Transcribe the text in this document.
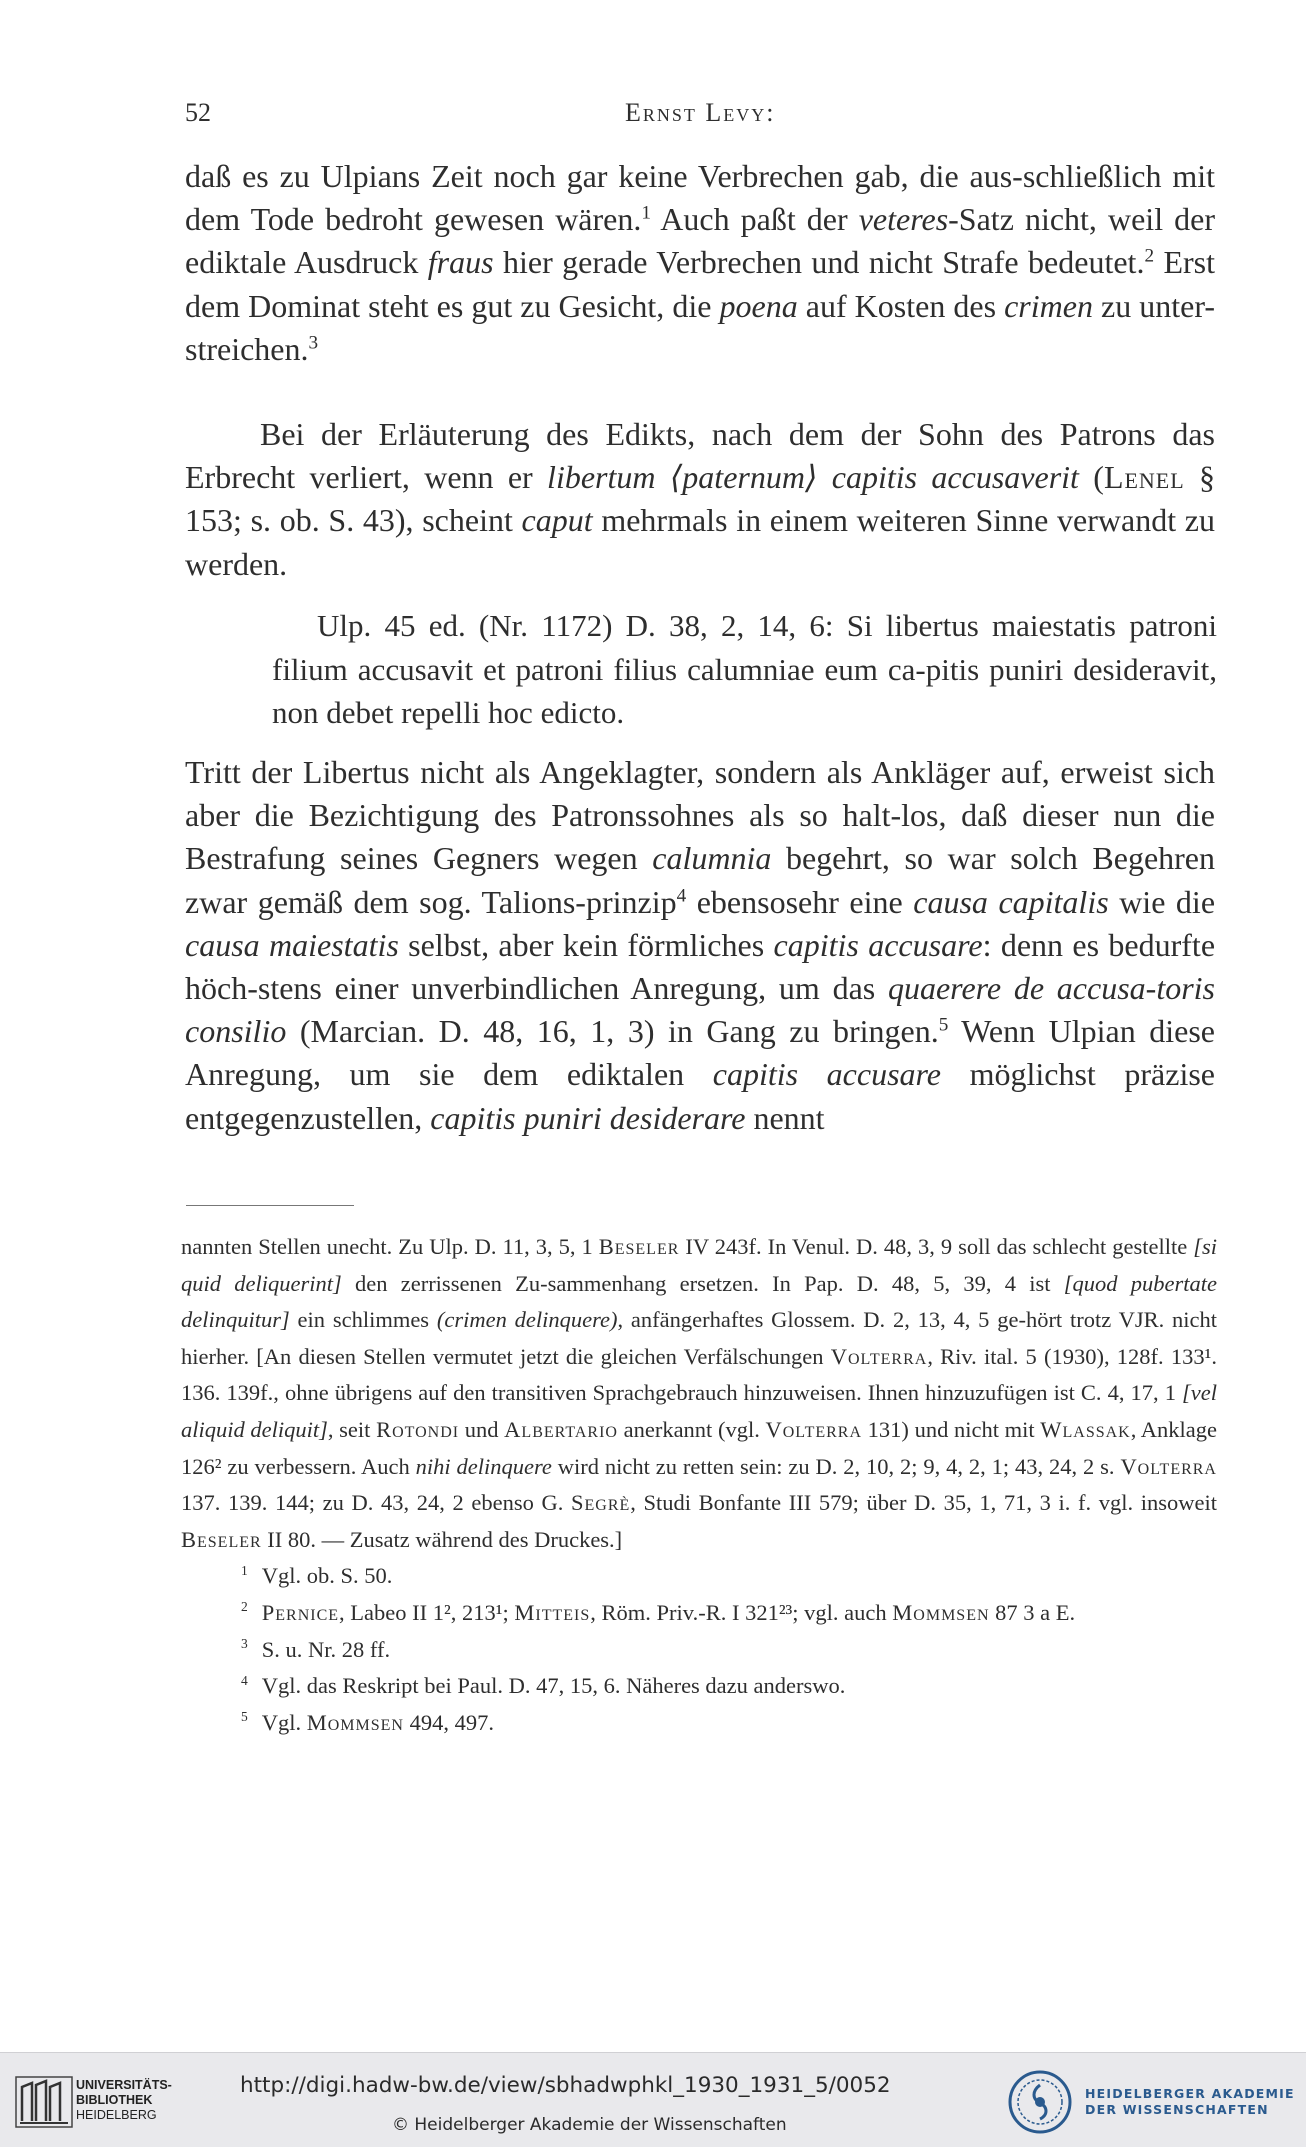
52	Ernst Levy:

daß es zu Ulpians Zeit noch gar keine Verbrechen gab, die aus-schließlich mit dem Tode bedroht gewesen wären.$^1$ Auch paßt der veteres-Satz nicht, weil der ediktale Ausdruck fraus hier gerade Verbrechen und nicht Strafe bedeutet.$^2$ Erst dem Dominat steht es gut zu Gesicht, die poena auf Kosten des crimen zu unter-streichen.$^3$

Bei der Erläuterung des Edikts, nach dem der Sohn des Patrons das Erbrecht verliert, wenn er libertum ⟨paternum⟩ capitis accusaverit (Lenel § 153; s. ob. S. 43), scheint caput mehrmals in einem weiteren Sinne verwandt zu werden.

Ulp. 45 ed. (Nr. 1172) D. 38, 2, 14, 6: Si libertus maiestatis patroni filium accusavit et patroni filius calumniae eum ca-pitis puniri desideravit, non debet repelli hoc edicto.

Tritt der Libertus nicht als Angeklagter, sondern als Ankläger auf, erweist sich aber die Bezichtigung des Patronssohnes als so halt-los, daß dieser nun die Bestrafung seines Gegners wegen calumnia begehrt, so war solch Begehren zwar gemäß dem sog. Talions-prinzip$^4$ ebensosehr eine causa capitalis wie die causa maiestatis selbst, aber kein förmliches capitis accusare: denn es bedurfte höch-stens einer unverbindlichen Anregung, um das quaerere de accusa-toris consilio (Marcian. D. 48, 16, 1, 3) in Gang zu bringen.$^5$ Wenn Ulpian diese Anregung, um sie dem ediktalen capitis accusare möglichst präzise entgegenzustellen, capitis puniri desiderare nennt

nannten Stellen unecht. Zu Ulp. D. 11, 3, 5, 1 Beseler IV 243f. In Venul. D. 48, 3, 9 soll das schlecht gestellte [si quid deliquerint] den zerrissenen Zu-sammenhang ersetzen. In Pap. D. 48, 5, 39, 4 ist [quod pubertate delinquitur] ein schlimmes (crimen delinquere), anfängerhaftes Glossem. D. 2, 13, 4, 5 ge-hört trotz VJR. nicht hierher. [An diesen Stellen vermutet jetzt die gleichen Verfälschungen Volterra, Riv. ital. 5 (1930), 128f. 133¹. 136. 139f., ohne übrigens auf den transitiven Sprachgebrauch hinzuweisen. Ihnen hinzuzufügen ist C. 4, 17, 1 [vel aliquid deliquit], seit Rotondi und Albertario anerkannt (vgl. Volterra 131) und nicht mit Wlassak, Anklage 126² zu verbessern. Auch nihi delinquere wird nicht zu retten sein: zu D. 2, 10, 2; 9, 4, 2, 1; 43, 24, 2 s. Volterra 137. 139. 144; zu D. 43, 24, 2 ebenso G. Segrè, Studi Bonfante III 579; über D. 35, 1, 71, 3 i. f. vgl. insoweit Beseler II 80. — Zusatz während des Druckes.]

$^1$ Vgl. ob. S. 50.

$^2$ Pernice, Labeo II 1², 213¹; Mitteis, Röm. Priv.-R. I 321²³; vgl. auch Mommsen 87 3 a E.

$^3$ S. u. Nr. 28 ff.

$^4$ Vgl. das Reskript bei Paul. D. 47, 15, 6. Näheres dazu anderswo.

$^5$ Vgl. Mommsen 494, 497.

UNIVERSITÄTS-
BIBLIOTHEK
HEIDELBERG
http://digi.hadw-bw.de/view/sbhadwphkl_1930_1931_5/0052
© Heidelberger Akademie der Wissenschaften
HEIDELBERGER AKADEMIE
DER WISSENSCHAFTEN
